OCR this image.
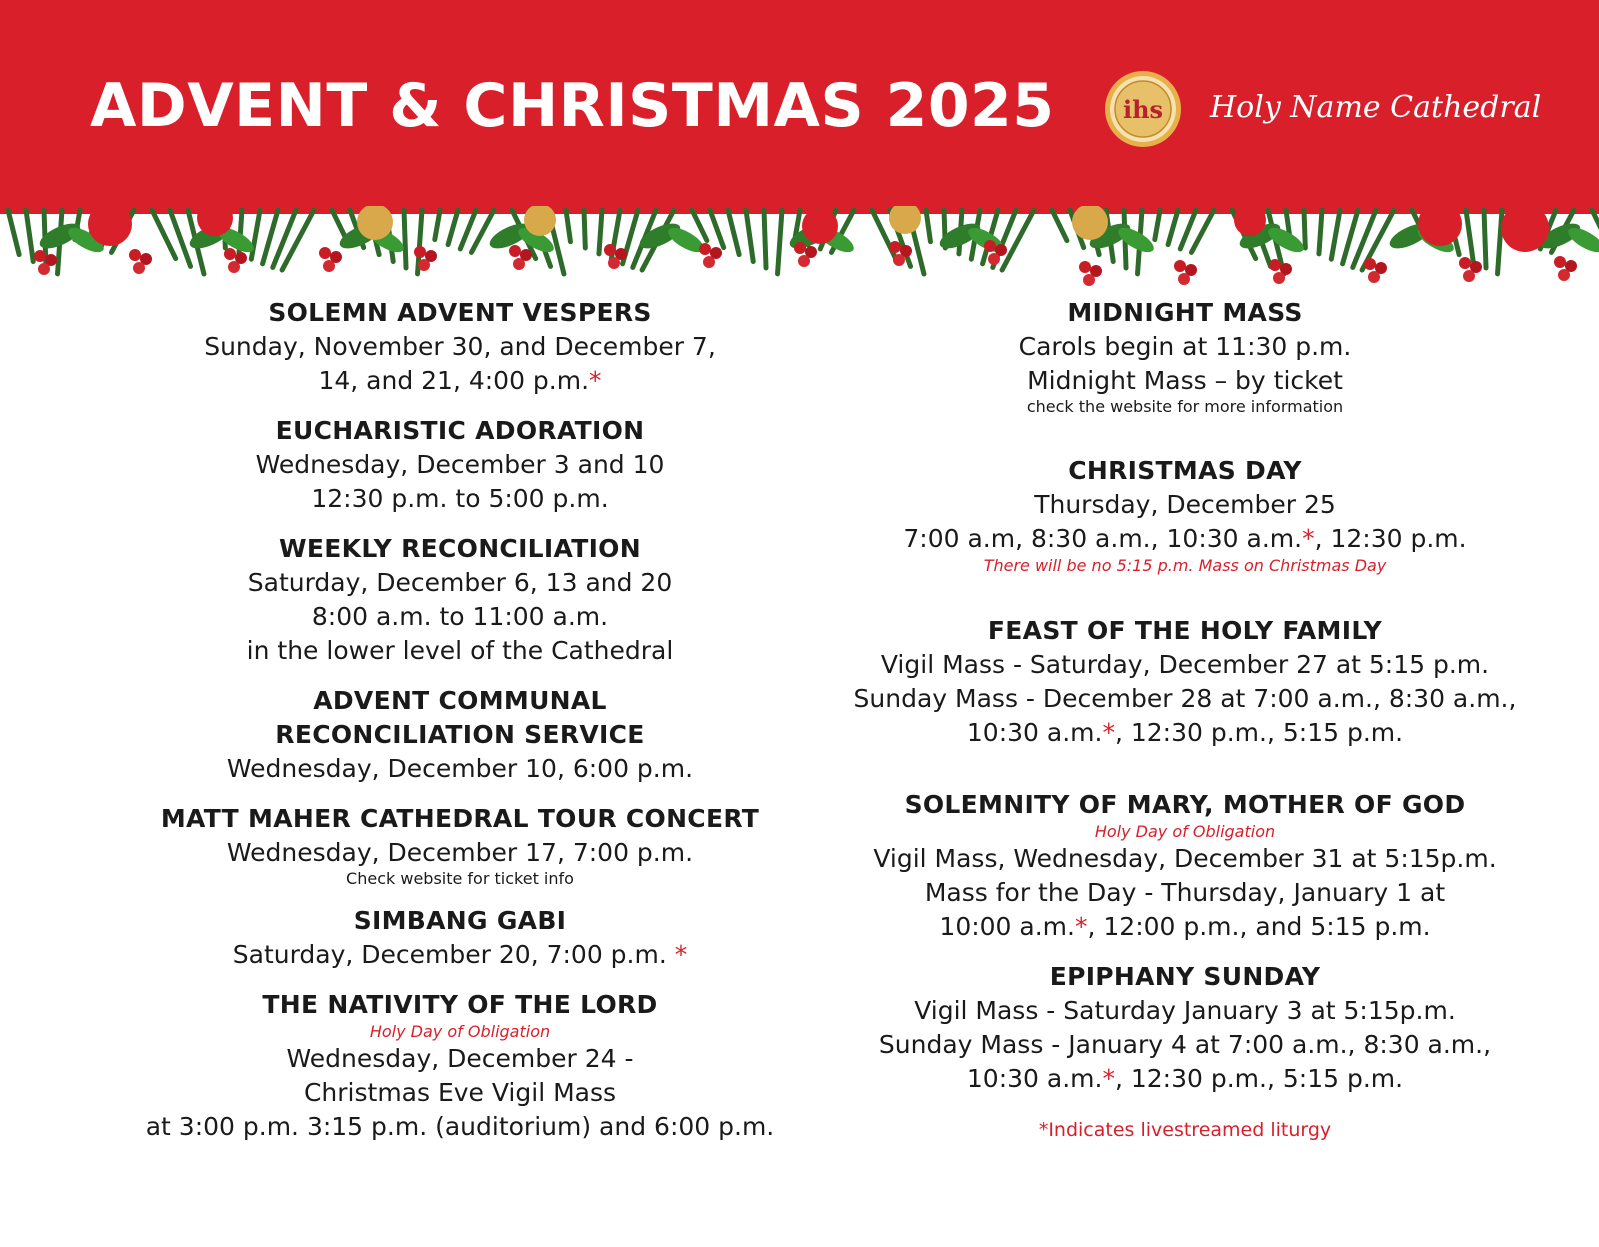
ADVENT & CHRISTMAS 2025	ihs Holy Name Cathedral
SOLEMN ADVENT VESPERS
Sunday, November 30, and December 7,
14, and 21, 4:00 p.m.*
EUCHARISTIC ADORATION
Wednesday, December 3 and 10
12:30 p.m. to 5:00 p.m.
WEEKLY RECONCILIATION
Saturday, December 6, 13 and 20
8:00 a.m. to 11:00 a.m.
in the lower level of the Cathedral
ADVENT COMMUNAL
RECONCILIATION SERVICE
Wednesday, December 10, 6:00 p.m.
MATT MAHER CATHEDRAL TOUR CONCERT
Wednesday, December 17, 7:00 p.m.
Check website for ticket info
SIMBANG GABI
Saturday, December 20, 7:00 p.m. *
THE NATIVITY OF THE LORD
Holy Day of Obligation
Wednesday, December 24 -
Christmas Eve Vigil Mass
at 3:00 p.m. 3:15 p.m. (auditorium) and 6:00 p.m.
MIDNIGHT MASS
Carols begin at 11:30 p.m.
Midnight Mass – by ticket
check the website for more information
CHRISTMAS DAY
Thursday, December 25
7:00 a.m, 8:30 a.m., 10:30 a.m.*, 12:30 p.m.
There will be no 5:15 p.m. Mass on Christmas Day
FEAST OF THE HOLY FAMILY
Vigil Mass - Saturday, December 27 at 5:15 p.m.
Sunday Mass - December 28 at 7:00 a.m., 8:30 a.m.,
10:30 a.m.*, 12:30 p.m., 5:15 p.m.
SOLEMNITY OF MARY, MOTHER OF GOD
Holy Day of Obligation
Vigil Mass, Wednesday, December 31 at 5:15p.m.
Mass for the Day - Thursday, January 1 at
10:00 a.m.*, 12:00 p.m., and 5:15 p.m.
EPIPHANY SUNDAY
Vigil Mass - Saturday January 3 at 5:15p.m.
Sunday Mass - January 4 at 7:00 a.m., 8:30 a.m.,
10:30 a.m.*, 12:30 p.m., 5:15 p.m.
*Indicates livestreamed liturgy
